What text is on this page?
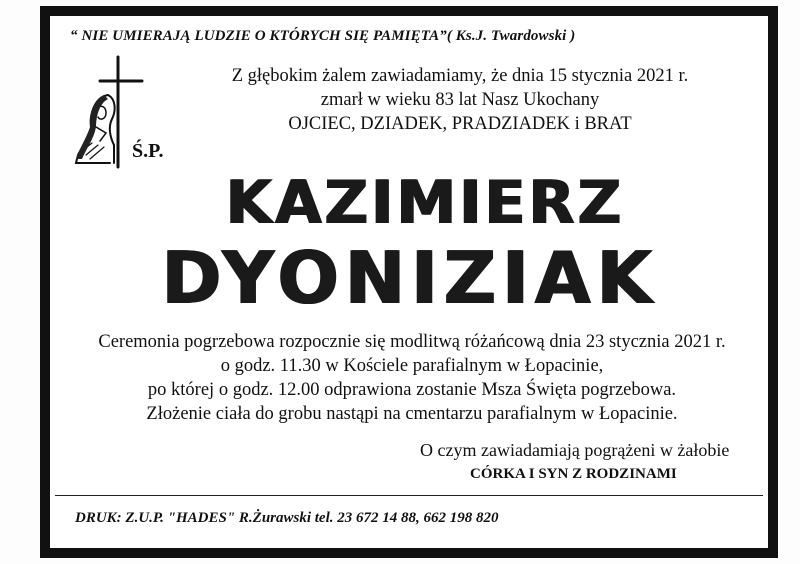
“ NIE UMIERAJĄ LUDZIE O KTÓRYCH SIĘ PAMIĘTA”( Ks.J. Twardowski )
Z głębokim żalem zawiadamiamy, że dnia 15 stycznia 2021 r.
zmarł w wieku 83 lat Nasz Ukochany
OJCIEC, DZIADEK, PRADZIADEK i BRAT
Ś.P.
KAZIMIERZ
DYONIZIAK
Ceremonia pogrzebowa rozpocznie się modlitwą różańcową dnia 23 stycznia 2021 r.
o godz. 11.30 w Kościele parafialnym w Łopacinie,
po której o godz. 12.00 odprawiona zostanie Msza Święta pogrzebowa.
Złożenie ciała do grobu nastąpi na cmentarzu parafialnym w Łopacinie.
O czym zawiadamiają pogrążeni w żałobie
CÓRKA I SYN Z RODZINAMI
DRUK: Z.U.P. "HADES" R.Żurawski tel. 23 672 14 88, 662 198 820
